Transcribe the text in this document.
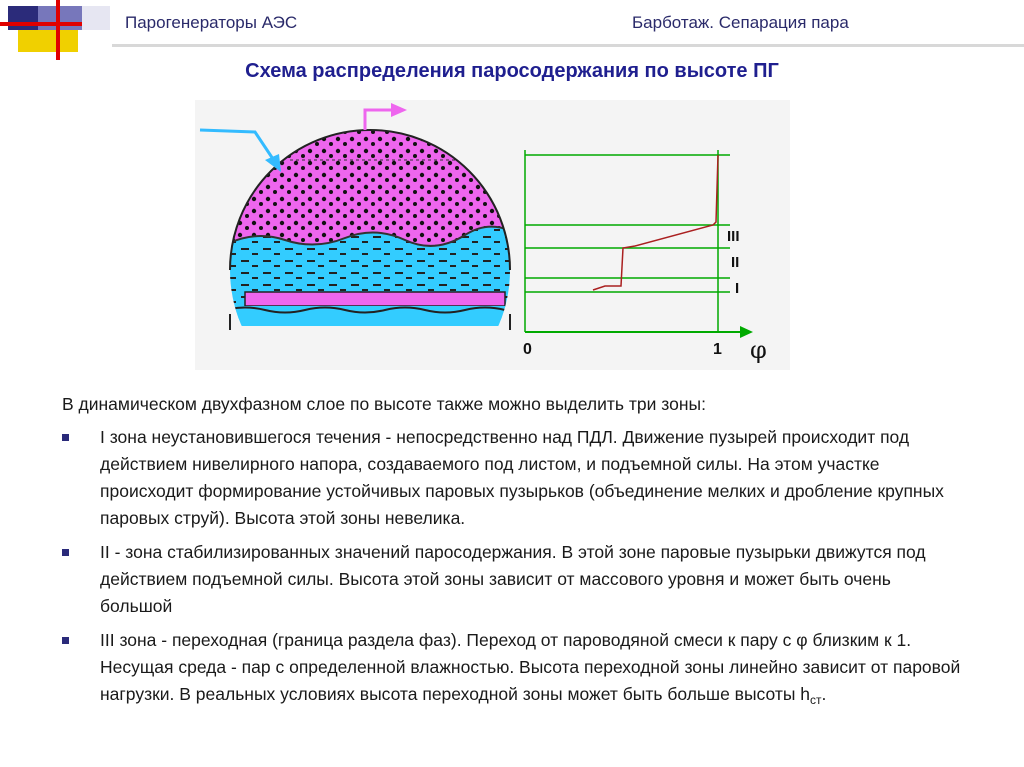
Парогенераторы АЭС	Барботаж. Сепарация пара
Схема распределения паросодержания по высоте ПГ
III
II
I
0	1 φ
В динамическом двухфазном слое по высоте также можно выделить три зоны:
I зона неустановившегося течения - непосредственно над ПДЛ. Движение пузырей происходит под действием нивелирного напора, создаваемого под листом, и подъемной силы. На этом участке происходит формирование устойчивых паровых пузырьков (объединение мелких и дробление крупных паровых струй). Высота этой зоны невелика.
II - зона стабилизированных значений паросодержания. В этой зоне паровые пузырьки движутся под действием подъемной силы. Высота этой зоны зависит от массового уровня и может быть очень большой
III зона - переходная (граница раздела фаз). Переход от пароводяной смеси к пару с φ близким к 1. Несущая среда - пар с определенной влажностью. Высота переходной зоны линейно зависит от паровой нагрузки. В реальных условиях высота переходной зоны может быть больше высоты $h_{ст}$.
